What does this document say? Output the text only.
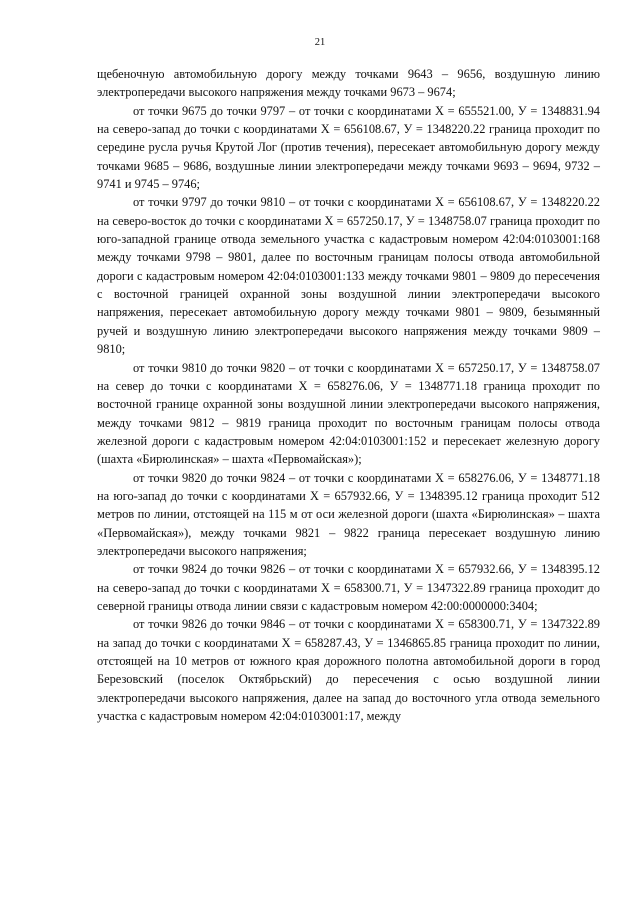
21

щебеночную автомобильную дорогу между точками 9643 – 9656, воздушную линию электропередачи высокого напряжения между точками 9673 – 9674;

от точки 9675 до точки 9797 – от точки с координатами Х = 655521.00, У = 1348831.94 на северо-запад до точки с координатами Х = 656108.67, У = 1348220.22 граница проходит по середине русла ручья Крутой Лог (против течения), пересекает автомобильную дорогу между точками 9685 – 9686, воздушные линии электропередачи между точками 9693 – 9694, 9732 – 9741 и 9745 – 9746;

от точки 9797 до точки 9810 – от точки с координатами Х = 656108.67, У = 1348220.22 на северо-восток до точки с координатами Х = 657250.17, У = 1348758.07 граница проходит по юго-западной границе отвода земельного участка с кадастровым номером 42:04:0103001:168 между точками 9798 – 9801, далее по восточным границам полосы отвода автомобильной дороги с кадастровым номером 42:04:0103001:133 между точками 9801 – 9809 до пересечения с восточной границей охранной зоны воздушной линии электропередачи высокого напряжения, пересекает автомобильную дорогу между точками 9801 – 9809, безымянный ручей и воздушную линию электропередачи высокого напряжения между точками 9809 – 9810;

от точки 9810 до точки 9820 – от точки с координатами Х = 657250.17, У = 1348758.07 на север до точки с координатами Х = 658276.06, У = 1348771.18 граница проходит по восточной границе охранной зоны воздушной линии электропередачи высокого напряжения, между точками 9812 – 9819 граница проходит по восточным границам полосы отвода железной дороги с кадастровым номером 42:04:0103001:152 и пересекает железную дорогу (шахта «Бирюлинская» – шахта «Первомайская»);

от точки 9820 до точки 9824 – от точки с координатами Х = 658276.06, У = 1348771.18 на юго-запад до точки с координатами Х = 657932.66, У = 1348395.12 граница проходит 512 метров по линии, отстоящей на 115 м от оси железной дороги (шахта «Бирюлинская» – шахта «Первомайская»), между точками 9821 – 9822 граница пересекает воздушную линию электропередачи высокого напряжения;

от точки 9824 до точки 9826 – от точки с координатами Х = 657932.66, У = 1348395.12 на северо-запад до точки с координатами Х = 658300.71, У = 1347322.89 граница проходит до северной границы отвода линии связи с кадастровым номером 42:00:0000000:3404;

от точки 9826 до точки 9846 – от точки с координатами Х = 658300.71, У = 1347322.89 на запад до точки с координатами Х = 658287.43, У = 1346865.85 граница проходит по линии, отстоящей на 10 метров от южного края дорожного полотна автомобильной дороги в город Березовский (поселок Октябрьский) до пересечения с осью воздушной линии электропередачи высокого напряжения, далее на запад до восточного угла отвода земельного участка с кадастровым номером 42:04:0103001:17, между
